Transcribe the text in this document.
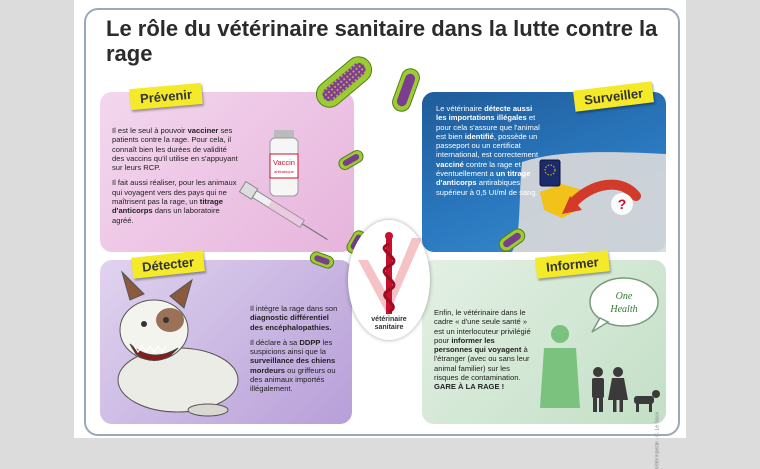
Le rôle du vétérinaire sanitaire dans la lutte contre la rage

Il est le seul à pouvoir vacciner ses patients contre la rage. Pour cela, il connaît bien les durées de validité des vaccins qu'il utilise en s'appuyant sur leurs RCP.

Il fait aussi réaliser, pour les animaux qui voyagent vers des pays qui ne maîtrisent pas la rage, un titrage d'anticorps dans un laboratoire agréé.

Vaccin
antirabique
?
Le vétérinaire détecte aussi les importations illégales et pour cela s'assure que l'animal est bien identifié, possède un passeport ou un certificat international, est correctement vacciné contre la rage et éventuellement a un titrage d'anticorps antirabiques supérieur à 0,5 UI/ml de sang.

Il intègre la rage dans son diagnostic différentiel des encéphalopathies.

Il déclare à sa DDPP les suspicions ainsi que la surveillance des chiens mordeurs ou griffeurs ou des animaux importés illégalement.

Enfin, le vétérinaire dans le cadre « d'une seule santé » est un interlocuteur privilégié pour informer les personnes qui voyagent à l'étranger (avec ou sans leur animal familier) sur les risques de contamination. GARE À LA RAGE !
One
Health
Vétérinpeste - C. Le Saux
Prévenir	Surveiller
Détecter	Informer
vétérinaire
sanitaire
